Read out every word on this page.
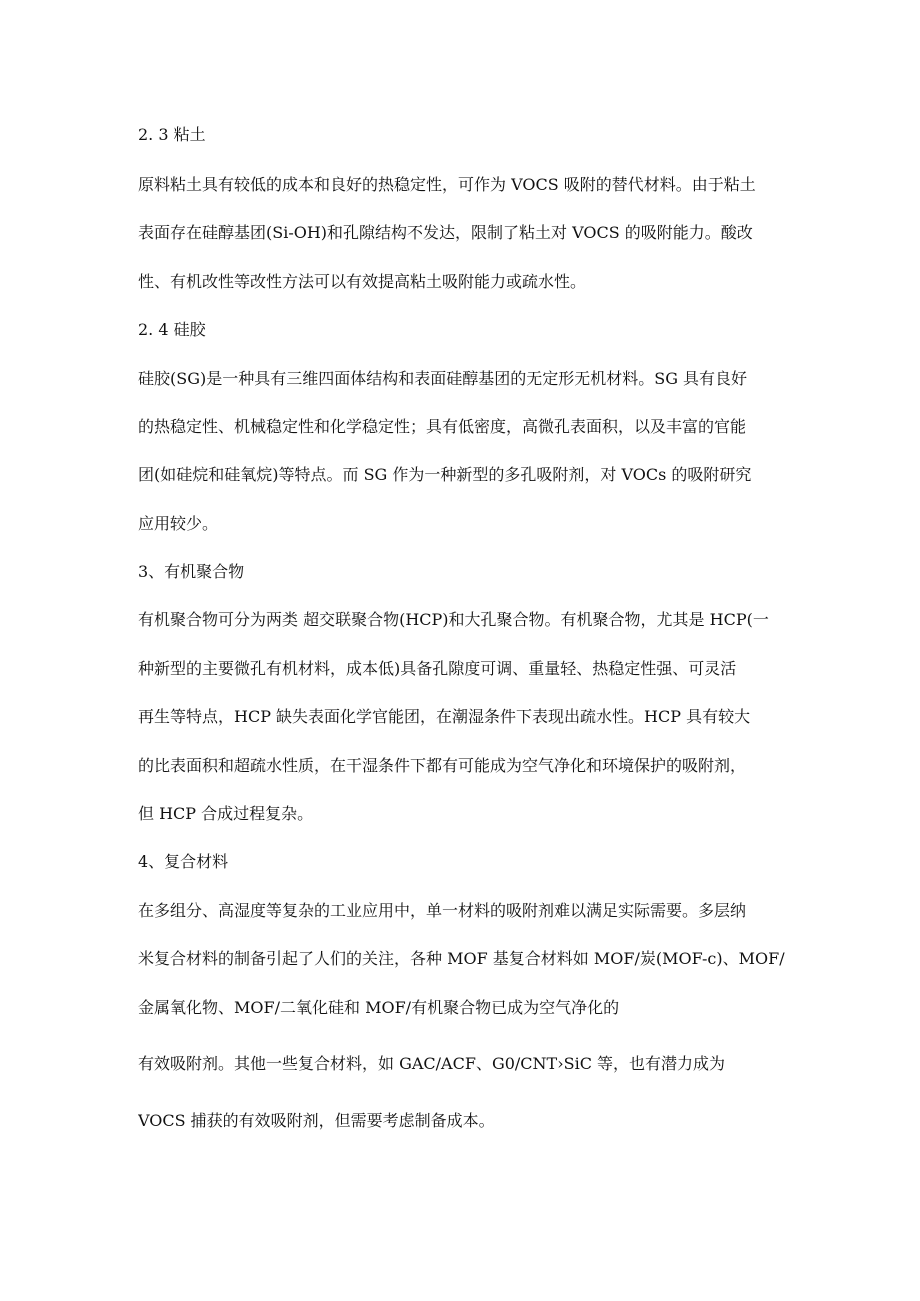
2. 3 粘土
原料粘土具有较低的成本和良好的热稳定性，可作为 VOCS 吸附的替代材料。由于粘土
表面存在硅醇基团(Si-OH)和孔隙结构不发达，限制了粘土对 VOCS 的吸附能力。酸改
性、有机改性等改性方法可以有效提高粘土吸附能力或疏水性。
2. 4 硅胶
硅胶(SG)是一种具有三维四面体结构和表面硅醇基团的无定形无机材料。SG 具有良好
的热稳定性、机械稳定性和化学稳定性；具有低密度，高微孔表面积，以及丰富的官能
团(如硅烷和硅氧烷)等特点。而 SG 作为一种新型的多孔吸附剂，对 VOCs 的吸附研究
应用较少。
3、有机聚合物
有机聚合物可分为两类 超交联聚合物(HCP)和大孔聚合物。有机聚合物，尤其是 HCP(一
种新型的主要微孔有机材料，成本低)具备孔隙度可调、重量轻、热稳定性强、可灵活
再生等特点，HCP 缺失表面化学官能团，在潮湿条件下表现出疏水性。HCP 具有较大
的比表面积和超疏水性质，在干湿条件下都有可能成为空气净化和环境保护的吸附剂，
但 HCP 合成过程复杂。
4、复合材料
在多组分、高湿度等复杂的工业应用中，单一材料的吸附剂难以满足实际需要。多层纳
米复合材料的制备引起了人们的关注，各种 MOF 基复合材料如 MOF/炭(MOF-c)、MOF/
金属氧化物、MOF/二氧化硅和 MOF/有机聚合物已成为空气净化的
有效吸附剂。其他一些复合材料，如 GAC/ACF、G0/CNT›SiC 等，也有潜力成为
VOCS 捕获的有效吸附剂，但需要考虑制备成本。
